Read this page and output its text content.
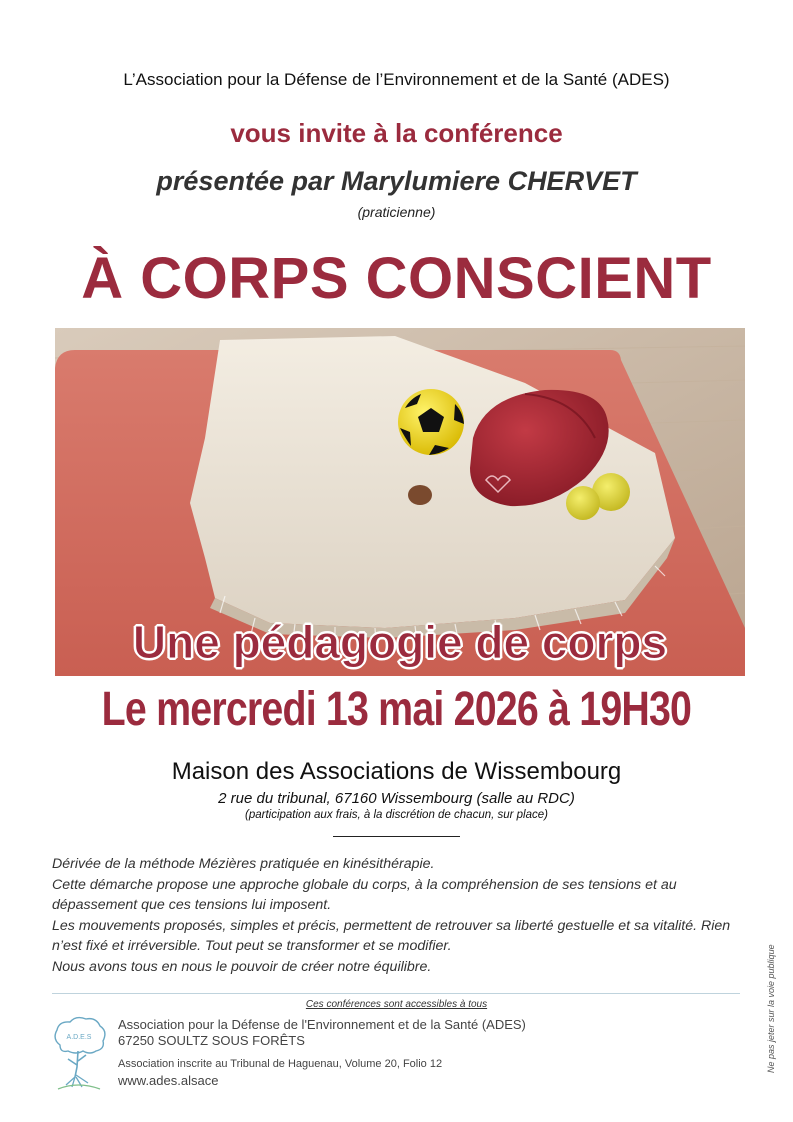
L’Association pour la Défense de l’Environnement et de la Santé (ADES)
vous invite à la conférence
présentée par Marylumiere CHERVET
(praticienne)
À CORPS CONSCIENT
Une pédagogie de corps
Le mercredi 13 mai 2026 à 19H30
Maison des Associations de Wissembourg
2 rue du tribunal, 67160 Wissembourg (salle au RDC)
(participation aux frais, à la discrétion de chacun, sur place)

Dérivée de la méthode Mézières pratiquée en kinésithérapie.

Cette démarche propose une approche globale du corps, à la compréhension de ses tensions et au dépassement que ces tensions lui imposent.

Les mouvements proposés, simples et précis, permettent de retrouver sa liberté gestuelle et sa vitalité. Rien n’est fixé et irréversible. Tout peut se transformer et se modifier.

Nous avons tous en nous le pouvoir de créer notre équilibre.

Ces conférences sont accessibles à tous
A.D.E.S

Association pour la Défense de l'Environnement et de la Santé (ADES)

67250 SOULTZ SOUS FORÊTS

Association inscrite au Tribunal de Haguenau, Volume 20, Folio 12

www.ades.alsace

Ne pas jeter sur la voie publique
